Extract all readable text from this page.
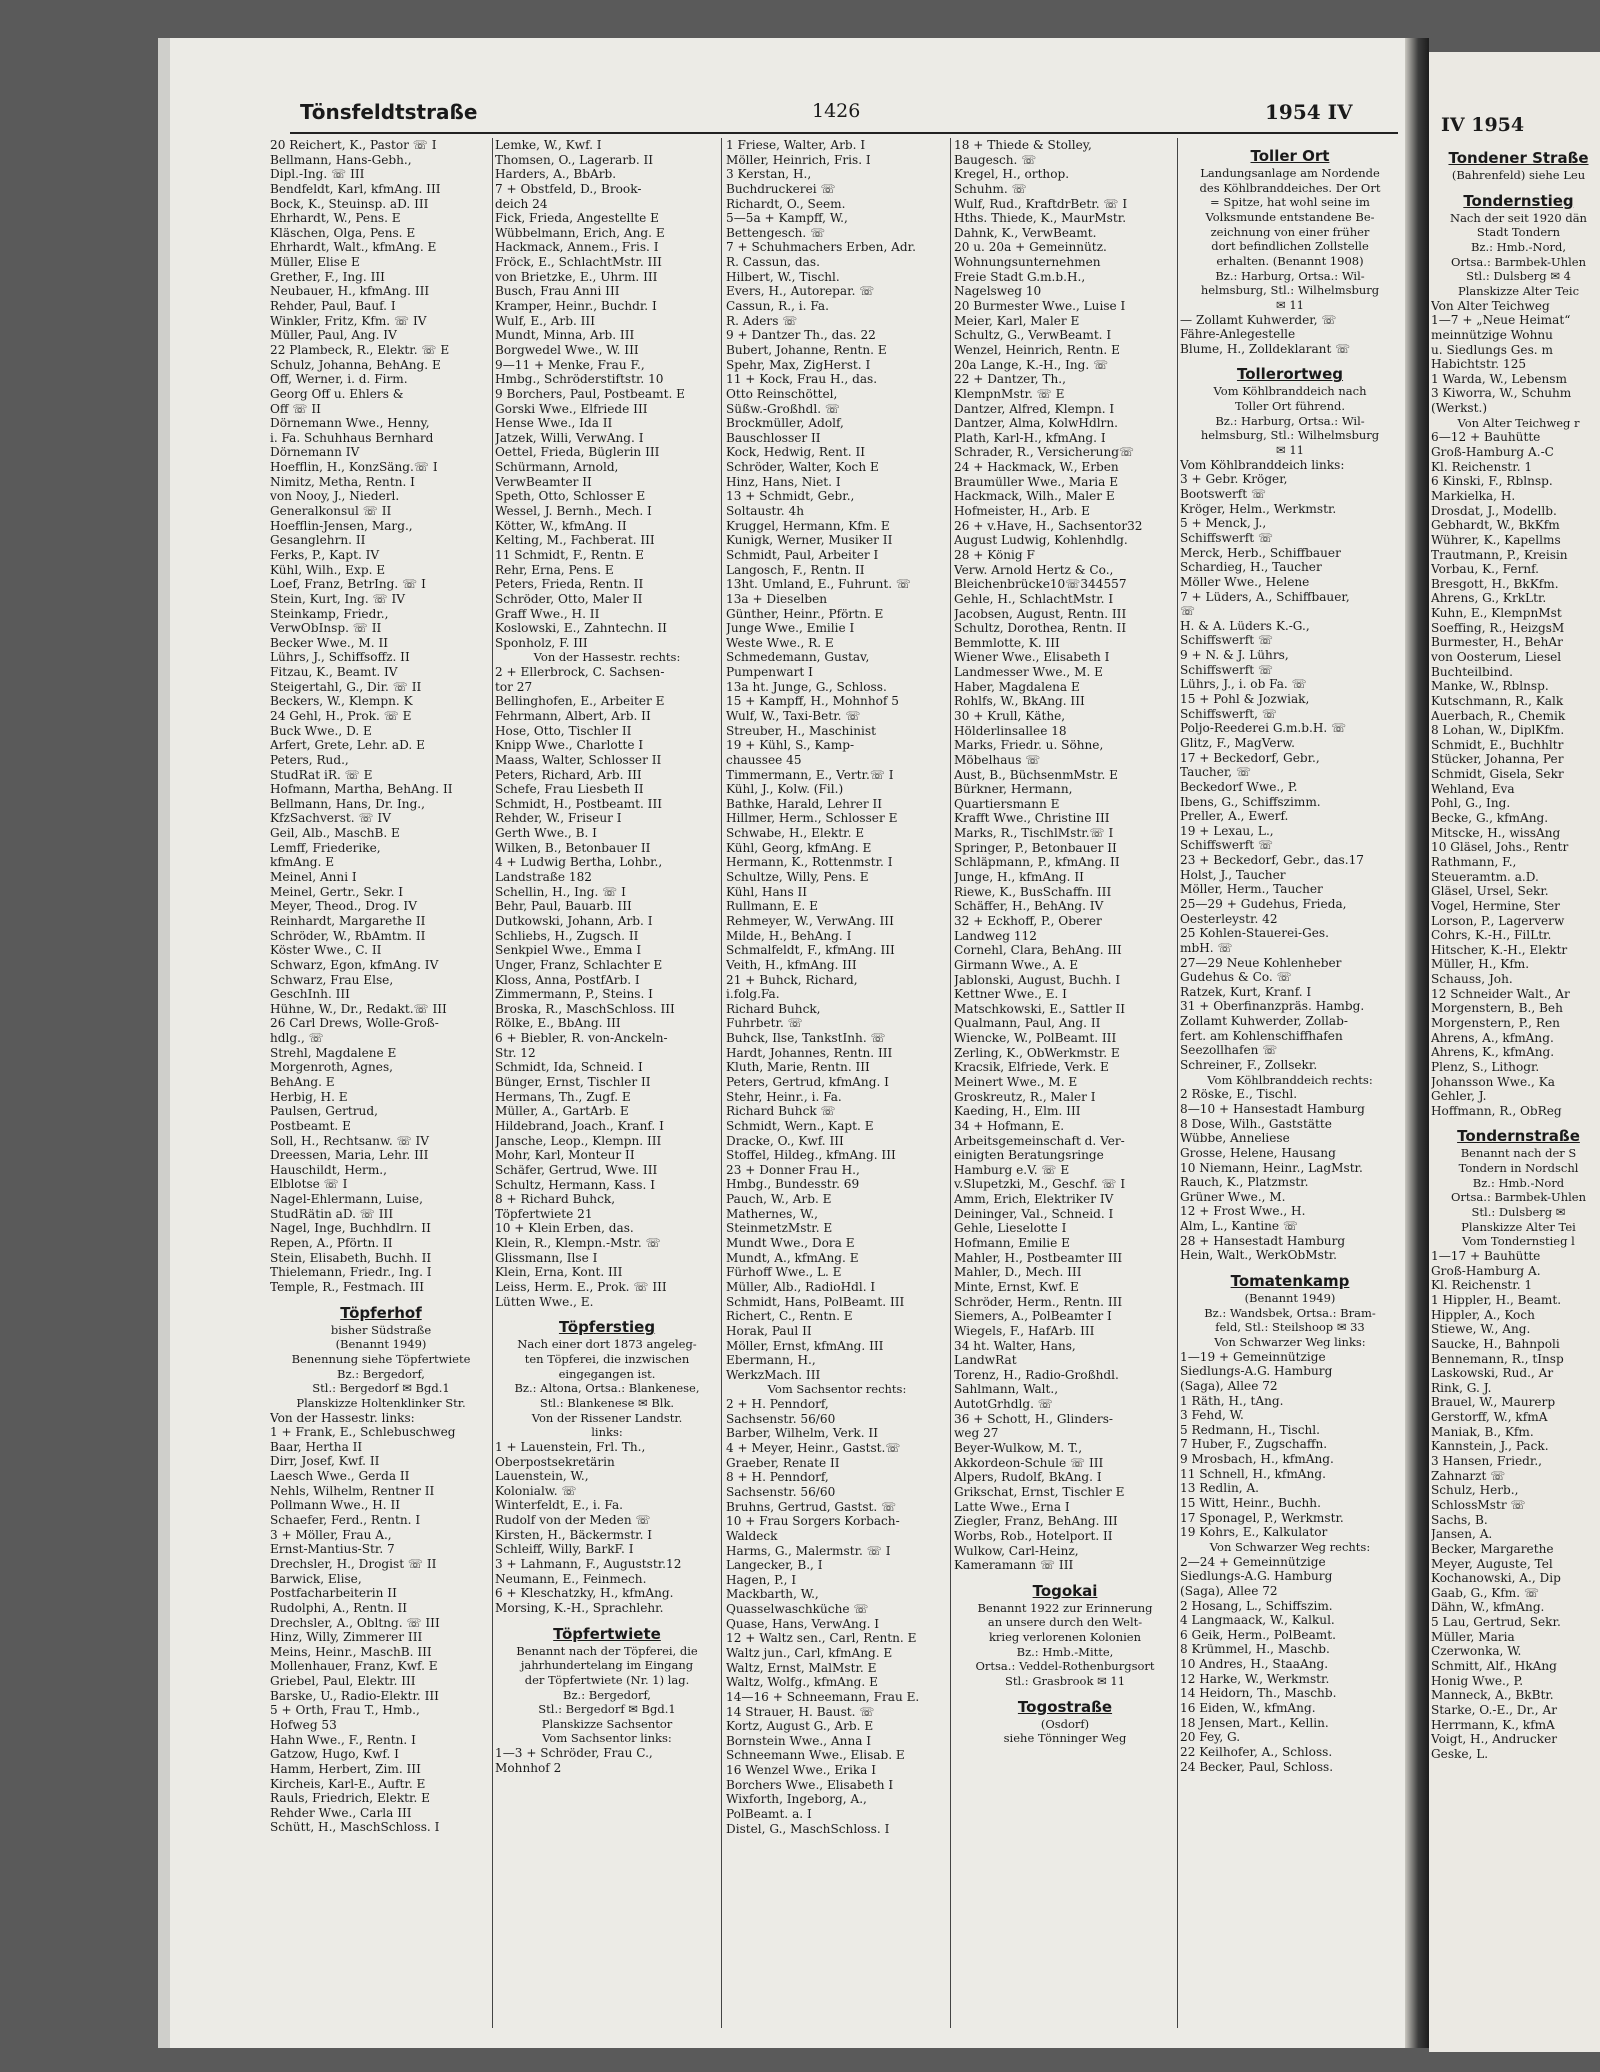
Tönsfeldtstraße	1426	1954 IV
20 Reichert, K., Pastor ☏ I
Bellmann, Hans-Gebh.,
Dipl.-Ing. ☏ III
Bendfeldt, Karl, kfmAng. III
Bock, K., Steuinsp. aD. III
Ehrhardt, W., Pens. E
Kläschen, Olga, Pens. E
Ehrhardt, Walt., kfmAng. E
Müller, Elise E
Grether, F., Ing. III
Neubauer, H., kfmAng. III
Rehder, Paul, Bauf. I
Winkler, Fritz, Kfm. ☏ IV
Müller, Paul, Ang. IV
22 Plambeck, R., Elektr. ☏ E
Schulz, Johanna, BehAng. E
Off, Werner, i. d. Firm.
Georg Off u. Ehlers &
Off ☏ II
Dörnemann Wwe., Henny,
i. Fa. Schuhhaus Bernhard
Dörnemann IV
Hoefflin, H., KonzSäng.☏ I
Nimitz, Metha, Rentn. I
von Nooy, J., Niederl.
Generalkonsul ☏ II
Hoefflin-Jensen, Marg.,
Gesanglehrn. II
Ferks, P., Kapt. IV
Kühl, Wilh., Exp. E
Loef, Franz, BetrIng. ☏ I
Stein, Kurt, Ing. ☏ IV
Steinkamp, Friedr.,
VerwObInsp. ☏ II
Becker Wwe., M. II
Lührs, J., Schiffsoffz. II
Fitzau, K., Beamt. IV
Steigertahl, G., Dir. ☏ II
Beckers, W., Klempn. K
24 Gehl, H., Prok. ☏ E
Buck Wwe., D. E
Arfert, Grete, Lehr. aD. E
Peters, Rud.,
StudRat iR. ☏ E
Hofmann, Martha, BehAng. II
Bellmann, Hans, Dr. Ing.,
KfzSachverst. ☏ IV
Geil, Alb., MaschB. E
Lemff, Friederike,
kfmAng. E
Meinel, Anni I
Meinel, Gertr., Sekr. I
Meyer, Theod., Drog. IV
Reinhardt, Margarethe II
Schröder, W., RbAmtm. II
Köster Wwe., C. II
Schwarz, Egon, kfmAng. IV
Schwarz, Frau Else,
GeschInh. III
Hühne, W., Dr., Redakt.☏ III
26 Carl Drews, Wolle-Groß-
hdlg., ☏
Strehl, Magdalene E
Morgenroth, Agnes,
BehAng. E
Herbig, H. E
Paulsen, Gertrud,
Postbeamt. E
Soll, H., Rechtsanw. ☏ IV
Dreessen, Maria, Lehr. III
Hauschildt, Herm.,
Elblotse ☏ I
Nagel-Ehlermann, Luise,
StudRätin aD. ☏ III
Nagel, Inge, Buchhdlrn. II
Repen, A., Pförtn. II
Stein, Elisabeth, Buchh. II
Thielemann, Friedr., Ing. I
Temple, R., Festmach. III
Töpferhof
bisher Südstraße
(Benannt 1949)
Benennung siehe Töpfertwiete
Bz.: Bergedorf,
Stl.: Bergedorf ✉ Bgd.1
Planskizze Holtenklinker Str.
Von der Hassestr. links:
1 + Frank, E., Schlebuschweg
Baar, Hertha II
Dirr, Josef, Kwf. II
Laesch Wwe., Gerda II
Nehls, Wilhelm, Rentner II
Pollmann Wwe., H. II
Schaefer, Ferd., Rentn. I
3 + Möller, Frau A.,
Ernst-Mantius-Str. 7
Drechsler, H., Drogist ☏ II
Barwick, Elise,
Postfacharbeiterin II
Rudolphi, A., Rentn. II
Drechsler, A., Obltng. ☏ III
Hinz, Willy, Zimmerer III
Meins, Heinr., MaschB. III
Mollenhauer, Franz, Kwf. E
Griebel, Paul, Elektr. III
Barske, U., Radio-Elektr. III
5 + Orth, Frau T., Hmb.,
Hofweg 53
Hahn Wwe., F., Rentn. I
Gatzow, Hugo, Kwf. I
Hamm, Herbert, Zim. III
Kircheis, Karl-E., Auftr. E
Rauls, Friedrich, Elektr. E
Rehder Wwe., Carla III
Schütt, H., MaschSchloss. I
Lemke, W., Kwf. I
Thomsen, O., Lagerarb. II
Harders, A., BbArb.
7 + Obstfeld, D., Brook-
deich 24
Fick, Frieda, Angestellte E
Wübbelmann, Erich, Ang. E
Hackmack, Annem., Fris. I
Fröck, E., SchlachtMstr. III
von Brietzke, E., Uhrm. III
Busch, Frau Anni III
Kramper, Heinr., Buchdr. I
Wulf, E., Arb. III
Mundt, Minna, Arb. III
Borgwedel Wwe., W. III
9—11 + Menke, Frau F.,
Hmbg., Schröderstiftstr. 10
9 Borchers, Paul, Postbeamt. E
Gorski Wwe., Elfriede III
Hense Wwe., Ida II
Jatzek, Willi, VerwAng. I
Oettel, Frieda, Büglerin III
Schürmann, Arnold,
VerwBeamter II
Speth, Otto, Schlosser E
Wessel, J. Bernh., Mech. I
Kötter, W., kfmAng. II
Kelting, M., Fachberat. III
11 Schmidt, F., Rentn. E
Rehr, Erna, Pens. E
Peters, Frieda, Rentn. II
Schröder, Otto, Maler II
Graff Wwe., H. II
Koslowski, E., Zahntechn. II
Sponholz, F. III
Von der Hassestr. rechts:
2 + Ellerbrock, C. Sachsen-
tor 27
Bellinghofen, E., Arbeiter E
Fehrmann, Albert, Arb. II
Hose, Otto, Tischler II
Knipp Wwe., Charlotte I
Maass, Walter, Schlosser II
Peters, Richard, Arb. III
Schefe, Frau Liesbeth II
Schmidt, H., Postbeamt. III
Rehder, W., Friseur I
Gerth Wwe., B. I
Wilken, B., Betonbauer II
4 + Ludwig Bertha, Lohbr.,
Landstraße 182
Schellin, H., Ing. ☏ I
Behr, Paul, Bauarb. III
Dutkowski, Johann, Arb. I
Schliebs, H., Zugsch. II
Senkpiel Wwe., Emma I
Unger, Franz, Schlachter E
Kloss, Anna, PostfArb. I
Zimmermann, P., Steins. I
Broska, R., MaschSchloss. III
Rölke, E., BbAng. III
6 + Biebler, R. von-Anckeln-
Str. 12
Schmidt, Ida, Schneid. I
Bünger, Ernst, Tischler II
Hermans, Th., Zugf. E
Müller, A., GartArb. E
Hildebrand, Joach., Kranf. I
Jansche, Leop., Klempn. III
Mohr, Karl, Monteur II
Schäfer, Gertrud, Wwe. III
Schultz, Hermann, Kass. I
8 + Richard Buhck,
Töpfertwiete 21
10 + Klein Erben, das.
Klein, R., Klempn.-Mstr. ☏
Glissmann, Ilse I
Klein, Erna, Kont. III
Leiss, Herm. E., Prok. ☏ III
Lütten Wwe., E.
Töpferstieg
Nach einer dort 1873 angeleg-
ten Töpferei, die inzwischen
eingegangen ist.
Bz.: Altona, Ortsa.: Blankenese,
Stl.: Blankenese ✉ Blk.
Von der Rissener Landstr.
links:
1 + Lauenstein, Frl. Th.,
Oberpostsekretärin
Lauenstein, W.,
Kolonialw. ☏
Winterfeldt, E., i. Fa.
Rudolf von der Meden ☏
Kirsten, H., Bäckermstr. I
Schleiff, Willy, BarkF. I
3 + Lahmann, F., Auguststr.12
Neumann, E., Feinmech.
6 + Kleschatzky, H., kfmAng.
Morsing, K.-H., Sprachlehr.
Töpfertwiete
Benannt nach der Töpferei, die
jahrhundertelang im Eingang
der Töpfertwiete (Nr. 1) lag.
Bz.: Bergedorf,
Stl.: Bergedorf ✉ Bgd.1
Planskizze Sachsentor
Vom Sachsentor links:
1—3 + Schröder, Frau C.,
Mohnhof 2
1 Friese, Walter, Arb. I
Möller, Heinrich, Fris. I
3 Kerstan, H.,
Buchdruckerei ☏
Richardt, O., Seem.
5—5a + Kampff, W.,
Bettengesch. ☏
7 + Schuhmachers Erben, Adr.
R. Cassun, das.
Hilbert, W., Tischl.
Evers, H., Autorepar. ☏
Cassun, R., i. Fa.
R. Aders ☏
9 + Dantzer Th., das. 22
Bubert, Johanne, Rentn. E
Spehr, Max, ZigHerst. I
11 + Kock, Frau H., das.
Otto Reinschöttel,
Süßw.-Großhdl. ☏
Brockmüller, Adolf,
Bauschlosser II
Kock, Hedwig, Rent. II
Schröder, Walter, Koch E
Hinz, Hans, Niet. I
13 + Schmidt, Gebr.,
Soltaustr. 4h
Kruggel, Hermann, Kfm. E
Kunigk, Werner, Musiker II
Schmidt, Paul, Arbeiter I
Langosch, F., Rentn. II
13ht. Umland, E., Fuhrunt. ☏
13a + Dieselben
Günther, Heinr., Pförtn. E
Junge Wwe., Emilie I
Weste Wwe., R. E
Schmedemann, Gustav,
Pumpenwart I
13a ht. Junge, G., Schloss.
15 + Kampff, H., Mohnhof 5
Wulf, W., Taxi-Betr. ☏
Streuber, H., Maschinist
19 + Kühl, S., Kamp-
chaussee 45
Timmermann, E., Vertr.☏ I
Kühl, J., Kolw. (Fil.)
Bathke, Harald, Lehrer II
Hillmer, Herm., Schlosser E
Schwabe, H., Elektr. E
Kühl, Georg, kfmAng. E
Hermann, K., Rottenmstr. I
Schultze, Willy, Pens. E
Kühl, Hans II
Rullmann, E. E
Rehmeyer, W., VerwAng. III
Milde, H., BehAng. I
Schmalfeldt, F., kfmAng. III
Veith, H., kfmAng. III
21 + Buhck, Richard,
i.folg.Fa.
Richard Buhck,
Fuhrbetr. ☏
Buhck, Ilse, TankstInh. ☏
Hardt, Johannes, Rentn. III
Kluth, Marie, Rentn. III
Peters, Gertrud, kfmAng. I
Stehr, Heinr., i. Fa.
Richard Buhck ☏
Schmidt, Wern., Kapt. E
Dracke, O., Kwf. III
Stoffel, Hildeg., kfmAng. III
23 + Donner Frau H.,
Hmbg., Bundesstr. 69
Pauch, W., Arb. E
Mathernes, W.,
SteinmetzMstr. E
Mundt Wwe., Dora E
Mundt, A., kfmAng. E
Fürhoff Wwe., L. E
Müller, Alb., RadioHdl. I
Schmidt, Hans, PolBeamt. III
Richert, C., Rentn. E
Horak, Paul II
Möller, Ernst, kfmAng. III
Ebermann, H.,
WerkzMach. III
Vom Sachsentor rechts:
2 + H. Penndorf,
Sachsenstr. 56/60
Barber, Wilhelm, Verk. II
4 + Meyer, Heinr., Gastst.☏
Graeber, Renate II
8 + H. Penndorf,
Sachsenstr. 56/60
Bruhns, Gertrud, Gastst. ☏
10 + Frau Sorgers Korbach-
Waldeck
Harms, G., Malermstr. ☏ I
Langecker, B., I
Hagen, P., I
Mackbarth, W.,
Quasselwaschküche ☏
Quase, Hans, VerwAng. I
12 + Waltz sen., Carl, Rentn. E
Waltz jun., Carl, kfmAng. E
Waltz, Ernst, MalMstr. E
Waltz, Wolfg., kfmAng. E
14—16 + Schneemann, Frau E.
14 Strauer, H. Baust. ☏
Kortz, August G., Arb. E
Bornstein Wwe., Anna I
Schneemann Wwe., Elisab. E
16 Wenzel Wwe., Erika I
Borchers Wwe., Elisabeth I
Wixforth, Ingeborg, A.,
PolBeamt. a. I
Distel, G., MaschSchloss. I
18 + Thiede & Stolley,
Baugesch. ☏
Kregel, H., orthop.
Schuhm. ☏
Wulf, Rud., KraftdrBetr. ☏ I
Hths. Thiede, K., MaurMstr.
Dahnk, K., VerwBeamt.
20 u. 20a + Gemeinnütz.
Wohnungsunternehmen
Freie Stadt G.m.b.H.,
Nagelsweg 10
20 Burmester Wwe., Luise I
Meier, Karl, Maler E
Schultz, G., VerwBeamt. I
Wenzel, Heinrich, Rentn. E
20a Lange, K.-H., Ing. ☏
22 + Dantzer, Th.,
KlempnMstr. ☏ E
Dantzer, Alfred, Klempn. I
Dantzer, Alma, KolwHdlrn.
Plath, Karl-H., kfmAng. I
Schrader, R., Versicherung☏
24 + Hackmack, W., Erben
Braumüller Wwe., Maria E
Hackmack, Wilh., Maler E
Hofmeister, H., Arb. E
26 + v.Have, H., Sachsentor32
August Ludwig, Kohlenhdlg.
28 + König F
Verw. Arnold Hertz & Co.,
Bleichenbrücke10☏344557
Gehle, H., SchlachtMstr. I
Jacobsen, August, Rentn. III
Schultz, Dorothea, Rentn. II
Bemmlotte, K. III
Wiener Wwe., Elisabeth I
Landmesser Wwe., M. E
Haber, Magdalena E
Rohlfs, W., BkAng. III
30 + Krull, Käthe,
Hölderlinsallee 18
Marks, Friedr. u. Söhne,
Möbelhaus ☏
Aust, B., BüchsenmMstr. E
Bürkner, Hermann,
Quartiersmann E
Krafft Wwe., Christine III
Marks, R., TischlMstr.☏ I
Springer, P., Betonbauer II
Schläpmann, P., kfmAng. II
Junge, H., kfmAng. II
Riewe, K., BusSchaffn. III
Schäffer, H., BehAng. IV
32 + Eckhoff, P., Oberer
Landweg 112
Cornehl, Clara, BehAng. III
Girmann Wwe., A. E
Jablonski, August, Buchh. I
Kettner Wwe., E. I
Matschkowski, E., Sattler II
Qualmann, Paul, Ang. II
Wiencke, W., PolBeamt. III
Zerling, K., ObWerkmstr. E
Kracsik, Elfriede, Verk. E
Meinert Wwe., M. E
Groskreutz, R., Maler I
Kaeding, H., Elm. III
34 + Hofmann, E.
Arbeitsgemeinschaft d. Ver-
einigten Beratungsringe
Hamburg e.V. ☏ E
v.Slupetzki, M., Geschf. ☏ I
Amm, Erich, Elektriker IV
Deininger, Val., Schneid. I
Gehle, Lieselotte I
Hofmann, Emilie E
Mahler, H., Postbeamter III
Mahler, D., Mech. III
Minte, Ernst, Kwf. E
Schröder, Herm., Rentn. III
Siemers, A., PolBeamter I
Wiegels, F., HafArb. III
34 ht. Walter, Hans,
LandwRat
Torenz, H., Radio-Großhdl.
Sahlmann, Walt.,
AutotGrhdlg. ☏
36 + Schott, H., Glinders-
weg 27
Beyer-Wulkow, M. T.,
Akkordeon-Schule ☏ III
Alpers, Rudolf, BkAng. I
Grikschat, Ernst, Tischler E
Latte Wwe., Erna I
Ziegler, Franz, BehAng. III
Worbs, Rob., Hotelport. II
Wulkow, Carl-Heinz,
Kameramann ☏ III
Togokai
Benannt 1922 zur Erinnerung
an unsere durch den Welt-
krieg verlorenen Kolonien
Bz.: Hmb.-Mitte,
Ortsa.: Veddel-Rothenburgsort
Stl.: Grasbrook ✉ 11
Togostraße
(Osdorf)
siehe Tönninger Weg
Toller Ort
Landungsanlage am Nordende
des Köhlbranddeiches. Der Ort
= Spitze, hat wohl seine im
Volksmunde entstandene Be-
zeichnung von einer früher
dort befindlichen Zollstelle
erhalten. (Benannt 1908)
Bz.: Harburg, Ortsa.: Wil-
helmsburg, Stl.: Wilhelmsburg
✉ 11
— Zollamt Kuhwerder, ☏
Fähre-Anlegestelle
Blume, H., Zolldeklarant ☏
Tollerortweg
Vom Köhlbranddeich nach
Toller Ort führend.
Bz.: Harburg, Ortsa.: Wil-
helmsburg, Stl.: Wilhelmsburg
✉ 11
Vom Köhlbranddeich links:
3 + Gebr. Kröger,
Bootswerft ☏
Kröger, Helm., Werkmstr.
5 + Menck, J.,
Schiffswerft ☏
Merck, Herb., Schiffbauer
Schardieg, H., Taucher
Möller Wwe., Helene
7 + Lüders, A., Schiffbauer,
☏
H. & A. Lüders K.-G.,
Schiffswerft ☏
9 + N. & J. Lührs,
Schiffswerft ☏
Lührs, J., i. ob Fa. ☏
15 + Pohl & Jozwiak,
Schiffswerft, ☏
Poljo-Reederei G.m.b.H. ☏
Glitz, F., MagVerw.
17 + Beckedorf, Gebr.,
Taucher, ☏
Beckedorf Wwe., P.
Ibens, G., Schiffszimm.
Preller, A., Ewerf.
19 + Lexau, L.,
Schiffswerft ☏
23 + Beckedorf, Gebr., das.17
Holst, J., Taucher
Möller, Herm., Taucher
25—29 + Gudehus, Frieda,
Oesterleystr. 42
25 Kohlen-Stauerei-Ges.
mbH. ☏
27—29 Neue Kohlenheber
Gudehus & Co. ☏
Ratzek, Kurt, Kranf. I
31 + Oberfinanzpräs. Hambg.
Zollamt Kuhwerder, Zollab-
fert. am Kohlenschiffhafen
Seezollhafen ☏
Schreiner, F., Zollsekr.
Vom Köhlbranddeich rechts:
2 Röske, E., Tischl.
8—10 + Hansestadt Hamburg
8 Dose, Wilh., Gaststätte
Wübbe, Anneliese
Grosse, Helene, Hausang
10 Niemann, Heinr., LagMstr.
Rauch, K., Platzmstr.
Grüner Wwe., M.
12 + Frost Wwe., H.
Alm, L., Kantine ☏
28 + Hansestadt Hamburg
Hein, Walt., WerkObMstr.
Tomatenkamp
(Benannt 1949)
Bz.: Wandsbek, Ortsa.: Bram-
feld, Stl.: Steilshoop ✉ 33
Von Schwarzer Weg links:
1—19 + Gemeinnützige
Siedlungs-A.G. Hamburg
(Saga), Allee 72
1 Räth, H., tAng.
3 Fehd, W.
5 Redmann, H., Tischl.
7 Huber, F., Zugschaffn.
9 Mrosbach, H., kfmAng.
11 Schnell, H., kfmAng.
13 Redlin, A.
15 Witt, Heinr., Buchh.
17 Sponagel, P., Werkmstr.
19 Kohrs, E., Kalkulator
Von Schwarzer Weg rechts:
2—24 + Gemeinnützige
Siedlungs-A.G. Hamburg
(Saga), Allee 72
2 Hosang, L., Schiffszim.
4 Langmaack, W., Kalkul.
6 Geik, Herm., PolBeamt.
8 Krümmel, H., Maschb.
10 Andres, H., StaaAng.
12 Harke, W., Werkmstr.
14 Heidorn, Th., Maschb.
16 Eiden, W., kfmAng.
18 Jensen, Mart., Kellin.
20 Fey, G.
22 Keilhofer, A., Schloss.
24 Becker, Paul, Schloss.
IV 1954
Tondener Straße
(Bahrenfeld) siehe Leu
Tondernstieg
Nach der seit 1920 dän
Stadt Tondern
Bz.: Hmb.-Nord,
Ortsa.: Barmbek-Uhlen
Stl.: Dulsberg ✉ 4
Planskizze Alter Teic
Von Alter Teichweg
1—7 + „Neue Heimat“
meinnützige Wohnu
u. Siedlungs Ges. m
Habichtstr. 125
1 Warda, W., Lebensm
3 Kiworra, W., Schuhm
(Werkst.)
Von Alter Teichweg r
6—12 + Bauhütte
Groß-Hamburg A.-C
Kl. Reichenstr. 1
6 Kinski, F., Rblnsp.
Markielka, H.
Drosdat, J., Modellb.
Gebhardt, W., BkKfm
Wührer, K., Kapellms
Trautmann, P., Kreisin
Vorbau, K., Fernf.
Bresgott, H., BkKfm.
Ahrens, G., KrkLtr.
Kuhn, E., KlempnMst
Soeffing, R., HeizgsM
Burmester, H., BehAr
von Oosterum, Liesel
Buchteilbind.
Manke, W., Rblnsp.
Kutschmann, R., Kalk
Auerbach, R., Chemik
8 Lohan, W., DiplKfm.
Schmidt, E., Buchhltr
Stücker, Johanna, Per
Schmidt, Gisela, Sekr
Wehland, Eva
Pohl, G., Ing.
Becke, G., kfmAng.
Mitscke, H., wissAng
10 Gläsel, Johs., Rentr
Rathmann, F.,
Steueramtm. a.D.
Gläsel, Ursel, Sekr.
Vogel, Hermine, Ster
Lorson, P., Lagerverw
Cohrs, K.-H., FilLtr.
Hitscher, K.-H., Elektr
Müller, H., Kfm.
Schauss, Joh.
12 Schneider Walt., Ar
Morgenstern, B., Beh
Morgenstern, P., Ren
Ahrens, A., kfmAng.
Ahrens, K., kfmAng.
Plenz, S., Lithogr.
Johansson Wwe., Ka
Gehler, J.
Hoffmann, R., ObReg
Tondernstraße
Benannt nach der S
Tondern in Nordschl
Bz.: Hmb.-Nord
Ortsa.: Barmbek-Uhlen
Stl.: Dulsberg ✉
Planskizze Alter Tei
Vom Tondernstieg l
1—17 + Bauhütte
Groß-Hamburg A.
Kl. Reichenstr. 1
1 Hippler, H., Beamt.
Hippler, A., Koch
Stiewe, W., Ang.
Saucke, H., Bahnpoli
Bennemann, R., tInsp
Laskowski, Rud., Ar
Rink, G. J.
Brauel, W., Maurerp
Gerstorff, W., kfmA
Maniak, B., Kfm.
Kannstein, J., Pack.
3 Hansen, Friedr.,
Zahnarzt ☏
Schulz, Herb.,
SchlossMstr ☏
Sachs, B.
Jansen, A.
Becker, Margarethe
Meyer, Auguste, Tel
Kochanowski, A., Dip
Gaab, G., Kfm. ☏
Dähn, W., kfmAng.
5 Lau, Gertrud, Sekr.
Müller, Maria
Czerwonka, W.
Schmitt, Alf., HkAng
Honig Wwe., P.
Manneck, A., BkBtr.
Starke, O.-E., Dr., Ar
Herrmann, K., kfmA
Voigt, H., Andrucker
Geske, L.
